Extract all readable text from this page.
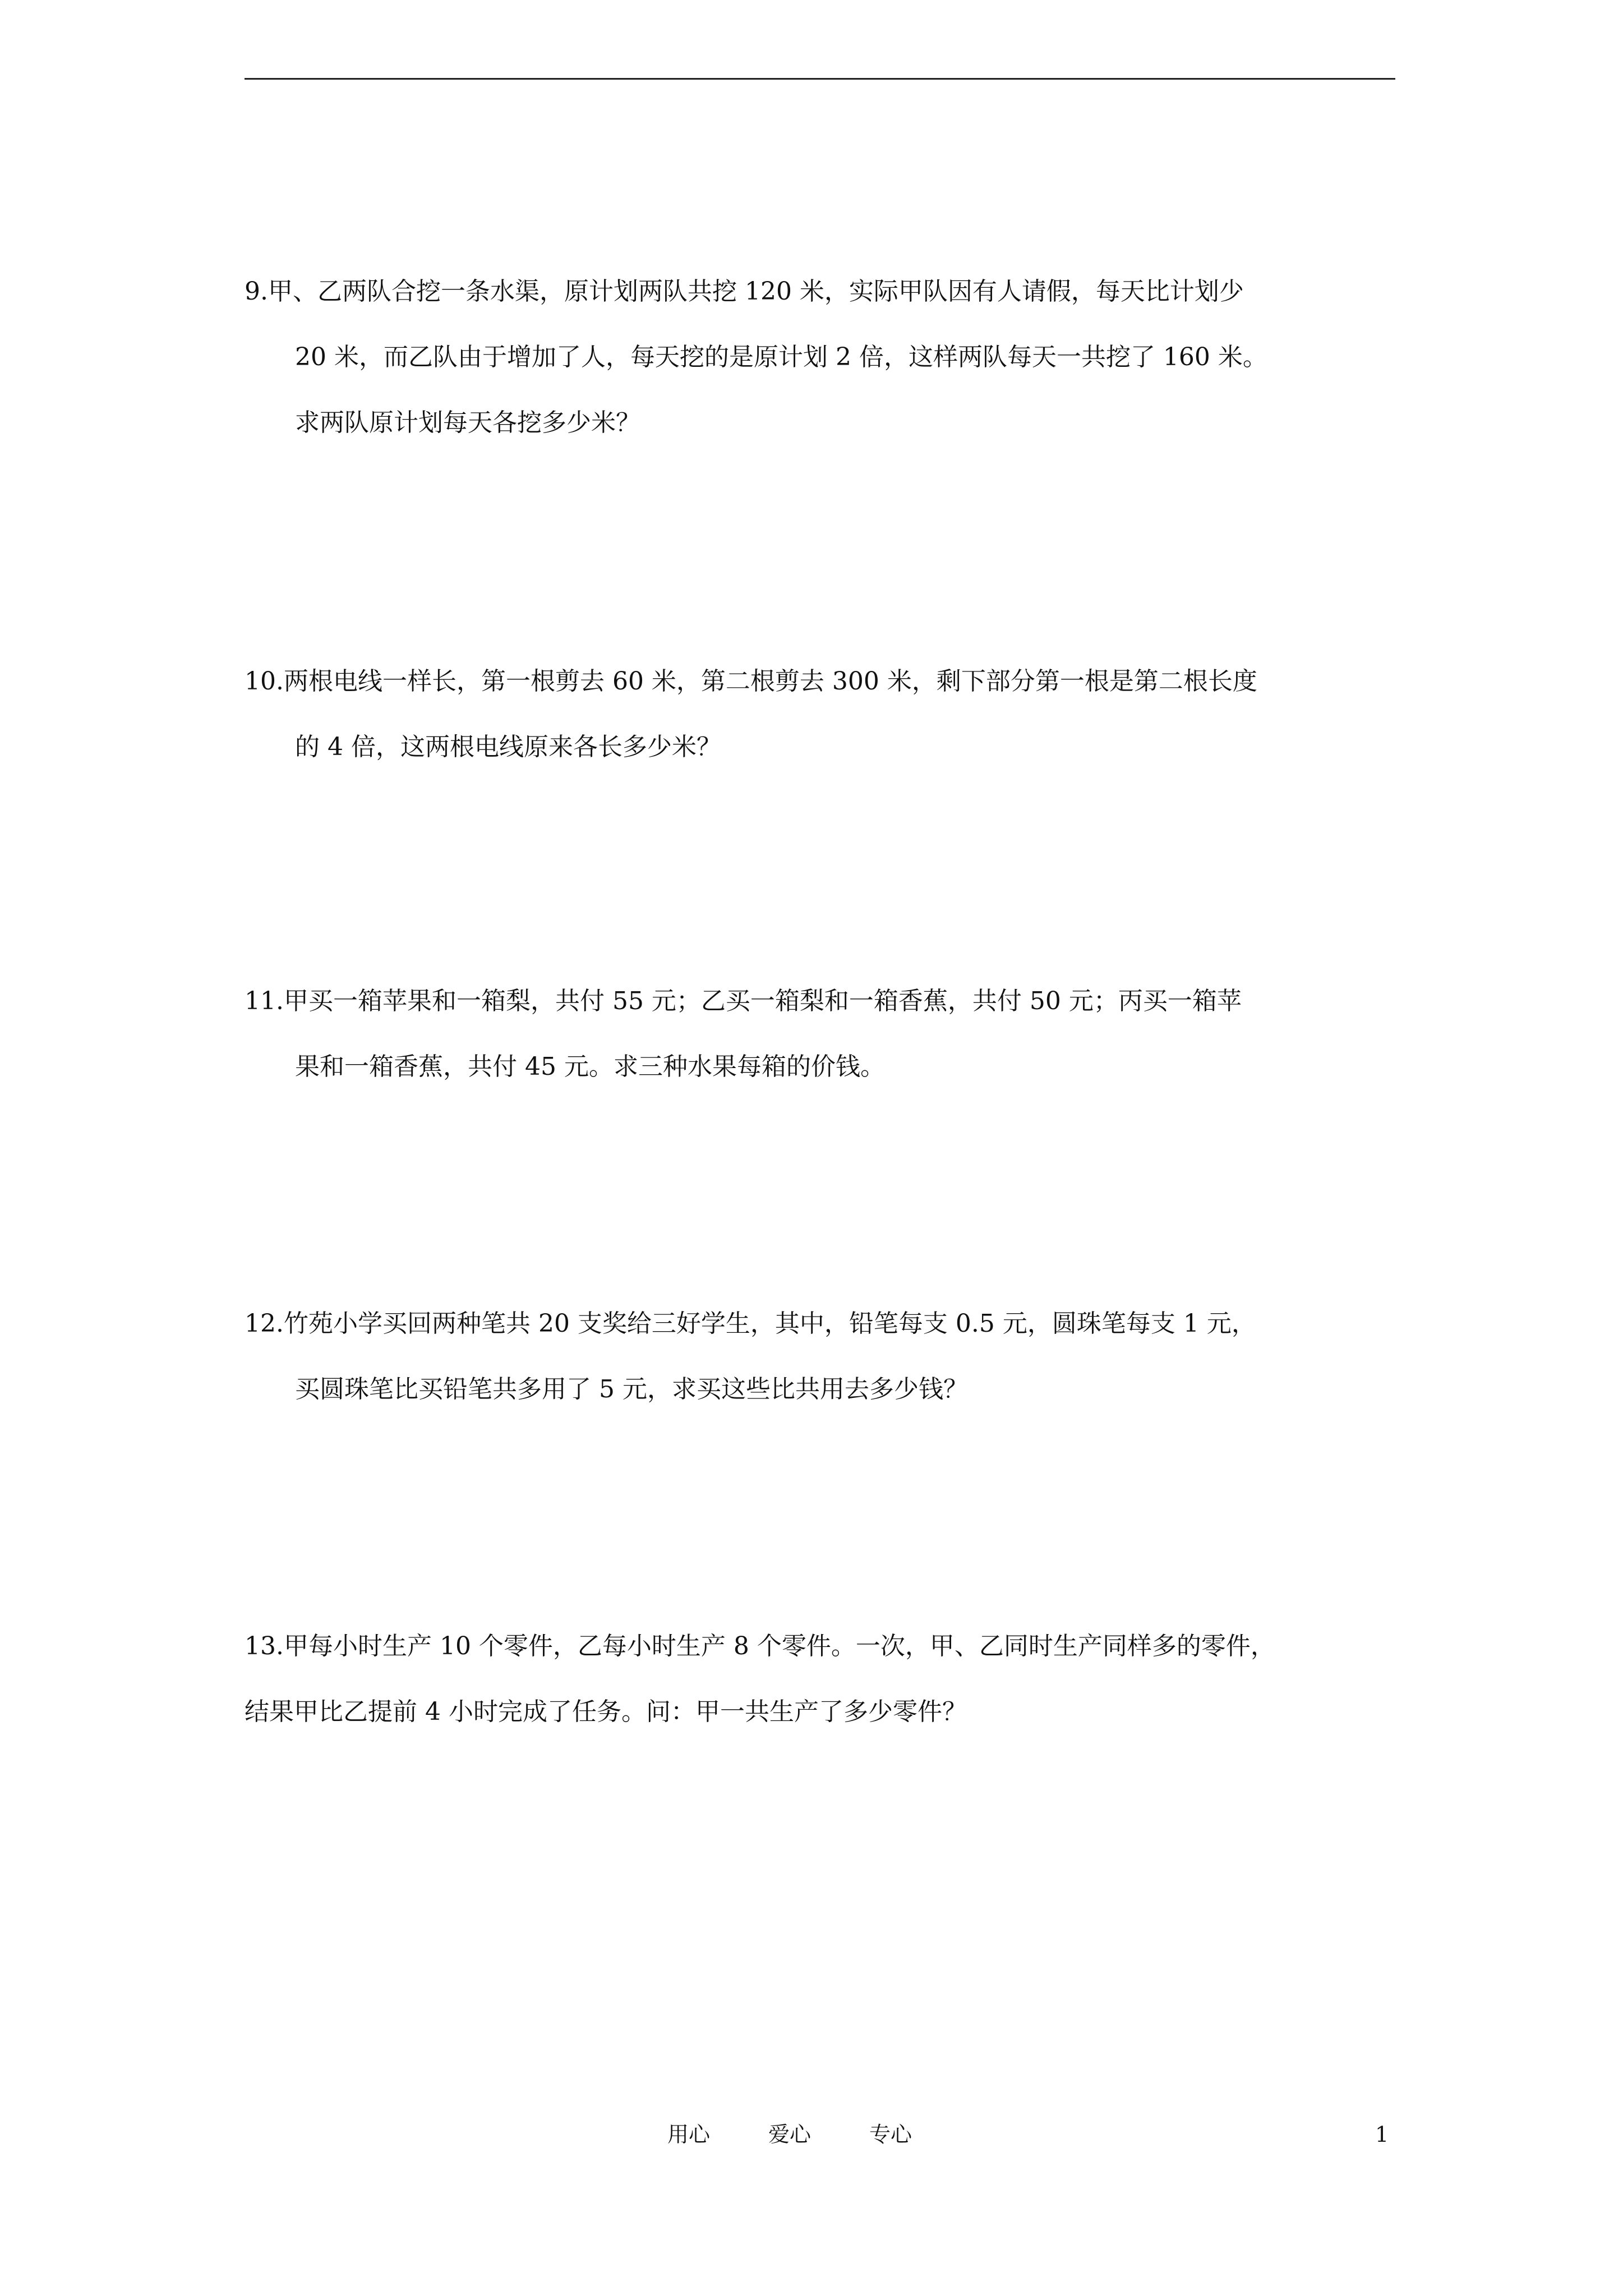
9.甲、乙两队合挖一条水渠，原计划两队共挖 120 米，实际甲队因有人请假，每天比计划少
20 米，而乙队由于增加了人，每天挖的是原计划 2 倍，这样两队每天一共挖了 160 米。
求两队原计划每天各挖多少米？
10.两根电线一样长，第一根剪去 60 米，第二根剪去 300 米，剩下部分第一根是第二根长度
的 4 倍，这两根电线原来各长多少米？
11.甲买一箱苹果和一箱梨，共付 55 元；乙买一箱梨和一箱香蕉，共付 50 元；丙买一箱苹
果和一箱香蕉，共付 45 元。求三种水果每箱的价钱。
12.竹苑小学买回两种笔共 20 支奖给三好学生，其中，铅笔每支 0.5 元，圆珠笔每支 1 元，
买圆珠笔比买铅笔共多用了 5 元，求买这些比共用去多少钱？
13.甲每小时生产 10 个零件，乙每小时生产 8 个零件。一次，甲、乙同时生产同样多的零件，
结果甲比乙提前 4 小时完成了任务。问：甲一共生产了多少零件？
用心	爱心	专心	1
